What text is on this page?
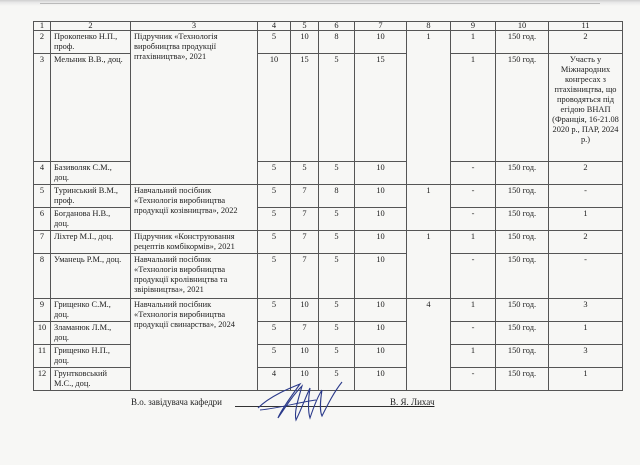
1	2	3	4	5	6	7	8	9	10	11
2	Прокопенко Н.П., проф.	Підручник «Технологія виробництва продукції птахівництва», 2021	5	10	8	10	1	1	150 год.	2
3	Мельник В.В., доц.		10	15	5	15		1	150 год.	Участь у Міжнародних конгресах з птахівництва, що проводяться під егідою ВНАП (Франція, 16-21.08 2020 р., ПАР, 2024 р.)
4	Базиволяк С.М., доц.		5	5	5	10		-	150 год.	2
5	Туринський В.М., проф.	Навчальний посібник «Технологія виробництва продукції козівництва», 2022	5	7	8	10	1	-	150 год.	-
6	Богданова Н.В., доц.		5	7	5	10		-	150 год.	1
7	Ліхтер М.І., доц.	Підручник «Конструювання рецептів комбікормів», 2021	5	7	5	10	1	1	150 год.	2
8	Уманець Р.М., доц.	Навчальний посібник «Технологія виробництва продукції кролівництва та звірівництва», 2021	5	7	5	10		-	150 год.	-
9	Грищенко С.М., доц.	Навчальний посібник «Технологія виробництва продукції свинарства», 2024	5	10	5	10	4	1	150 год.	3
10	Зламанюк Л.М., доц.		5	7	5	10		-	150 год.	1
11	Грищенко Н.П., доц.		5	10	5	10		1	150 год.	3
12	Грунтковський М.С., доц.		4	10	5	10		-	150 год.	1
В.о. завідувача кафедри	В. Я. Лихач
